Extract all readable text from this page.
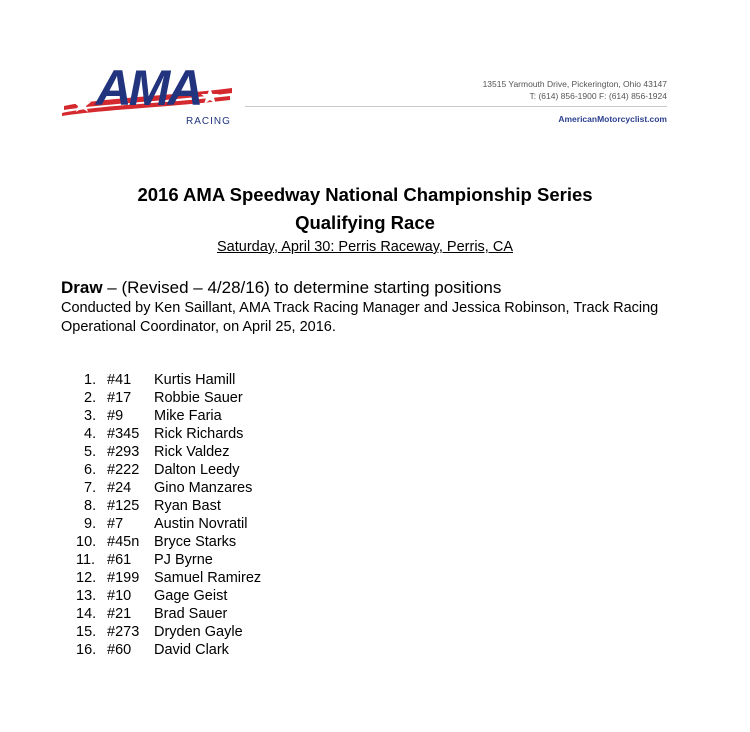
AMA
RACING
13515 Yarmouth Drive, Pickerington, Ohio 43147
T: (614) 856-1900 F: (614) 856-1924
AmericanMotorcyclist.com
2016 AMA Speedway National Championship Series
Qualifying Race
Saturday, April 30: Perris Raceway, Perris, CA
Draw – (Revised – 4/28/16) to determine starting positions
Conducted by Ken Saillant, AMA Track Racing Manager and Jessica Robinson, Track Racing Operational Coordinator, on April 25, 2016.
1. #41 Kurtis Hamill
2. #17 Robbie Sauer
3. #9 Mike Faria
4. #345 Rick Richards
5. #293 Rick Valdez
6. #222 Dalton Leedy
7. #24 Gino Manzares
8. #125 Ryan Bast
9. #7 Austin Novratil
10. #45n Bryce Starks
11. #61 PJ Byrne
12. #199 Samuel Ramirez
13. #10 Gage Geist
14. #21 Brad Sauer
15. #273 Dryden Gayle
16. #60 David Clark
